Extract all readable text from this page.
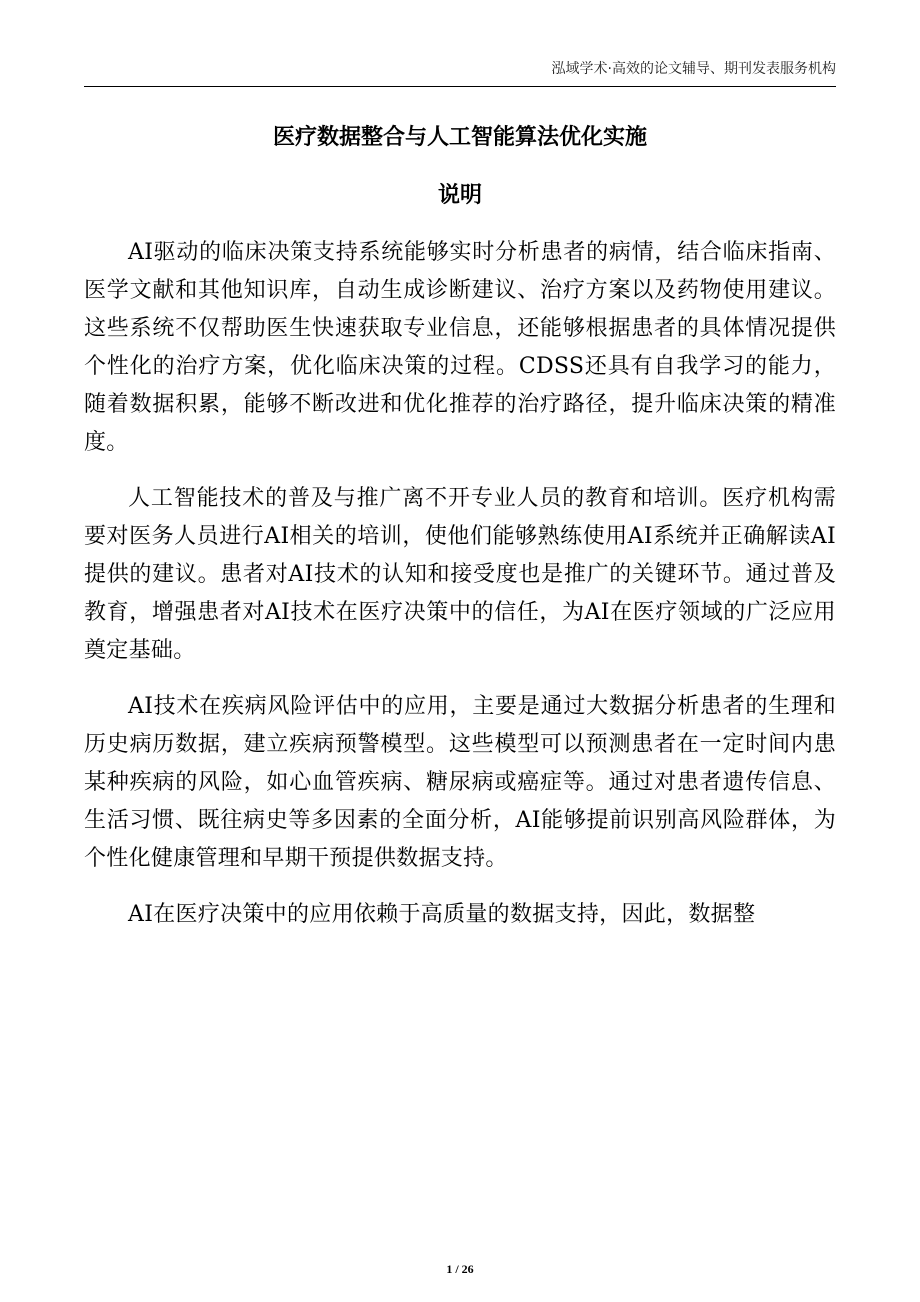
泓域学术·高效的论文辅导、期刊发表服务机构
医疗数据整合与人工智能算法优化实施
说明

AI驱动的临床决策支持系统能够实时分析患者的病情，结合临床指南、医学文献和其他知识库，自动生成诊断建议、治疗方案以及药物使用建议。这些系统不仅帮助医生快速获取专业信息，还能够根据患者的具体情况提供个性化的治疗方案，优化临床决策的过程。CDSS还具有自我学习的能力，随着数据积累，能够不断改进和优化推荐的治疗路径，提升临床决策的精准度。

人工智能技术的普及与推广离不开专业人员的教育和培训。医疗机构需要对医务人员进行AI相关的培训，使他们能够熟练使用AI系统并正确解读AI提供的建议。患者对AI技术的认知和接受度也是推广的关键环节。通过普及教育，增强患者对AI技术在医疗决策中的信任，为AI在医疗领域的广泛应用奠定基础。

AI技术在疾病风险评估中的应用，主要是通过大数据分析患者的生理和历史病历数据，建立疾病预警模型。这些模型可以预测患者在一定时间内患某种疾病的风险，如心血管疾病、糖尿病或癌症等。通过对患者遗传信息、生活习惯、既往病史等多因素的全面分析，AI能够提前识别高风险群体，为个性化健康管理和早期干预提供数据支持。

AI在医疗决策中的应用依赖于高质量的数据支持，因此，数据整

1 / 26
